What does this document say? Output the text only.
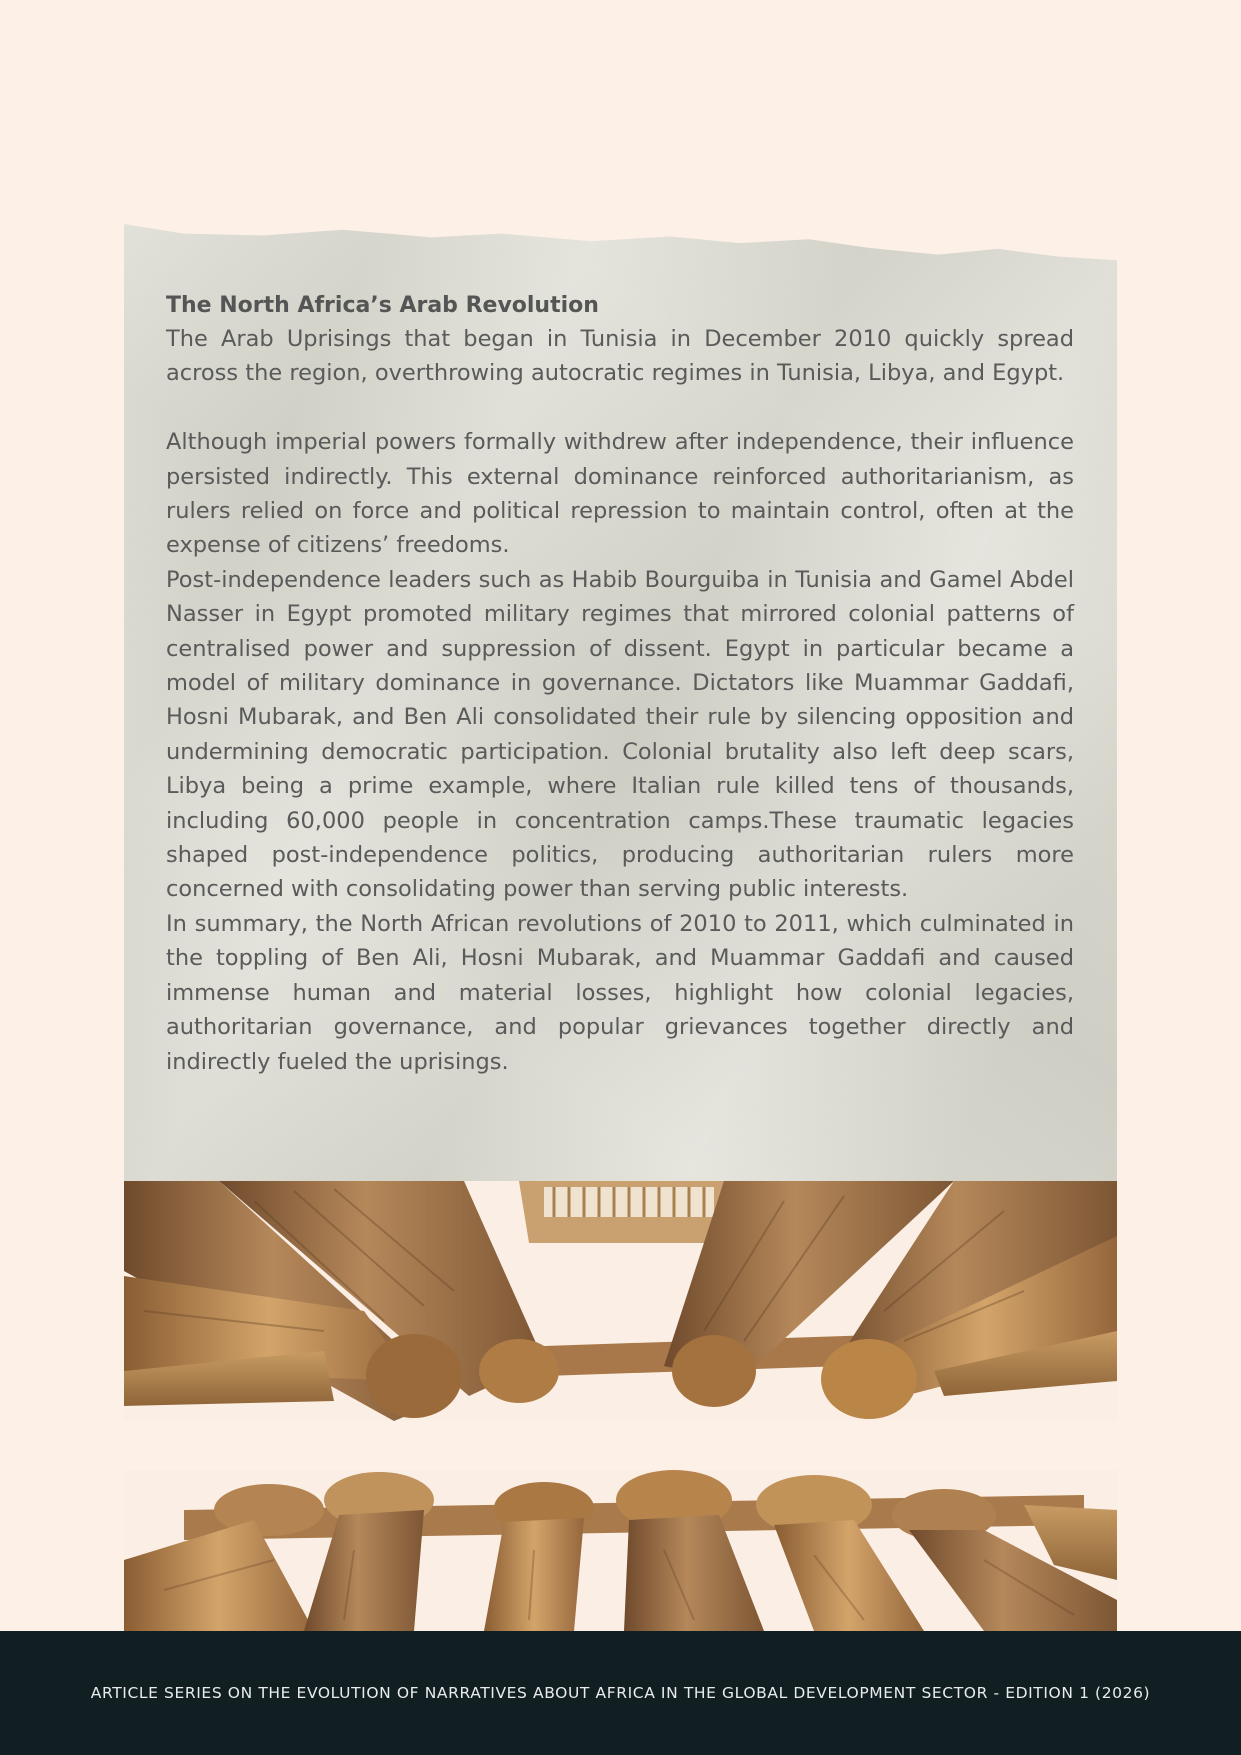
The North Africa’s Arab Revolution

The Arab Uprisings that began in Tunisia in December 2010 quickly spread across the region, overthrowing autocratic regimes in Tunisia, Libya, and Egypt.

Although imperial powers formally withdrew after independence, their influence persisted indirectly. This external dominance reinforced authoritarianism, as rulers relied on force and political repression to maintain control, often at the expense of citizens’ freedoms.

Post-independence leaders such as Habib Bourguiba in Tunisia and Gamel Abdel Nasser in Egypt promoted military regimes that mirrored colonial patterns of centralised power and suppression of dissent. Egypt in particular became a model of military dominance in governance. Dictators like Muammar Gaddafi, Hosni Mubarak, and Ben Ali consolidated their rule by silencing opposition and undermining democratic participation. Colonial brutality also left deep scars, Libya being a prime example, where Italian rule killed tens of thousands, including 60,000 people in concentration camps.These traumatic legacies shaped post-independence politics, producing authoritarian rulers more concerned with consolidating power than serving public interests.

In summary, the North African revolutions of 2010 to 2011, which culminated in the toppling of Ben Ali, Hosni Mubarak, and Muammar Gaddafi and caused immense human and material losses, highlight how colonial legacies, authoritarian governance, and popular grievances together directly and indirectly fueled the uprisings.

ARTICLE SERIES ON THE EVOLUTION OF NARRATIVES ABOUT AFRICA IN THE GLOBAL DEVELOPMENT SECTOR - EDITION 1 (2026)
